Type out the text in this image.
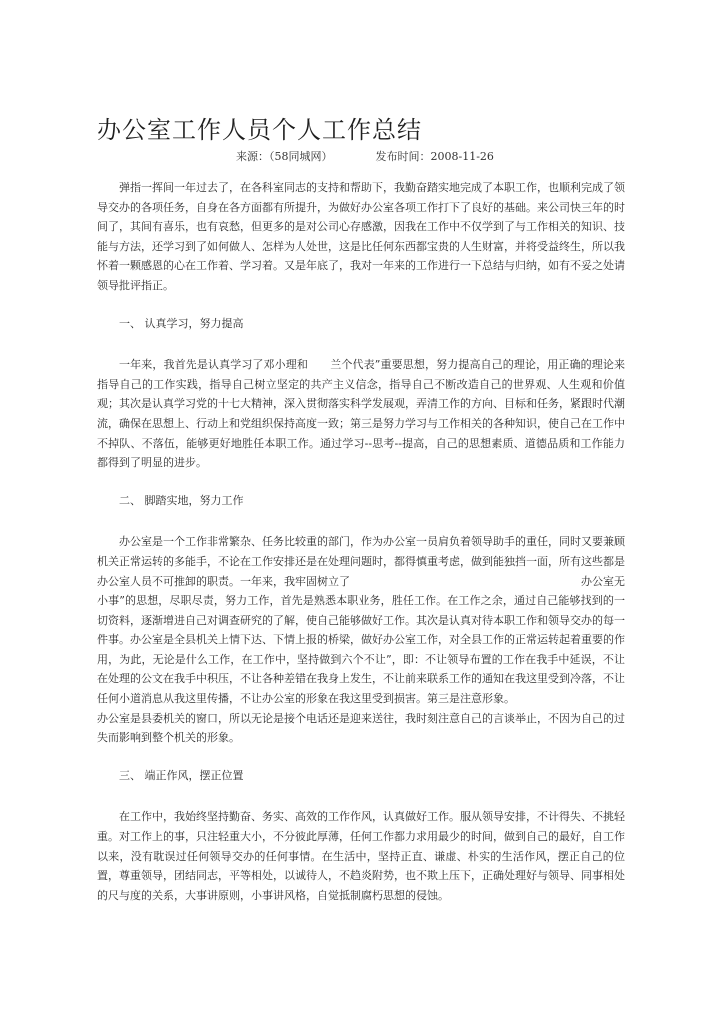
办公室工作人员个人工作总结
来源：（58同城网）	发布时间：2008-11-26

弹指一挥间一年过去了，在各科室同志的支持和帮助下，我勤奋踏实地完成了本职工作，也顺利完成了领导交办的各项任务，自身在各方面都有所提升，为做好办公室各项工作打下了良好的基础。来公司快三年的时间了，其间有喜乐，也有哀愁，但更多的是对公司心存感激，因我在工作中不仅学到了与工作相关的知识、技能与方法，还学习到了如何做人、怎样为人处世，这是比任何东西都宝贵的人生财富，并将受益终生，所以我怀着一颗感恩的心在工作着、学习着。又是年底了，我对一年来的工作进行一下总结与归纳，如有不妥之处请领导批评指正。

一、 认真学习，努力提高

一年来，我首先是认真学习了邓小理和　　兰个代表”重要思想，努力提高自己的理论，用正确的理论来指导自己的工作实践，指导自己树立坚定的共产主义信念，指导自己不断改造自己的世界观、人生观和价值观；其次是认真学习党的十七大精神，深入贯彻落实科学发展观，弄清工作的方向、目标和任务，紧跟时代潮流，确保在思想上、行动上和党组织保持高度一致；第三是努力学习与工作相关的各种知识，使自己在工作中不掉队、不落伍，能够更好地胜任本职工作。通过学习--思考--提高，自己的思想素质、道德品质和工作能力都得到了明显的进步。

二、 脚踏实地，努力工作

办公室是一个工作非常繁杂、任务比较重的部门，作为办公室一员肩负着领导助手的重任，同时又要兼顾机关正常运转的多能手，不论在工作安排还是在处理问题时，都得慎重考虑，做到能独挡一面，所有这些都是办公室人员不可推卸的职责。一年来，我牢固树立了　　　　　　　　　　　　　　　　　　　　　办公室无小事”的思想，尽职尽责，努力工作，首先是熟悉本职业务，胜任工作。在工作之余，通过自己能够找到的一切资料，逐渐增进自己对调查研究的了解，使自己能够做好工作。其次是认真对待本职工作和领导交办的每一件事。办公室是全县机关上情下达、下情上报的桥梁，做好办公室工作，对全县工作的正常运转起着重要的作用，为此，无论是什么工作，在工作中，坚持做到六个不让”，即：不让领导布置的工作在我手中延误，不让在处理的公文在我手中积压，不让各种差错在我身上发生，不让前来联系工作的通知在我这里受到冷落，不让任何小道消息从我这里传播，不让办公室的形象在我这里受到损害。第三是注意形象。

办公室是县委机关的窗口，所以无论是接个电话还是迎来送往，我时刻注意自己的言谈举止，不因为自己的过失而影响到整个机关的形象。

三、 端正作风，摆正位置

在工作中，我始终坚持勤奋、务实、高效的工作作风，认真做好工作。服从领导安排，不计得失、不挑轻重。对工作上的事，只注轻重大小，不分彼此厚薄，任何工作都力求用最少的时间，做到自己的最好，自工作以来，没有耽误过任何领导交办的任何事情。在生活中，坚持正直、谦虚、朴实的生活作风，摆正自己的位置，尊重领导，团结同志，平等相处，以诚待人，不趋炎附势，也不欺上压下，正确处理好与领导、同事相处的尺与度的关系，大事讲原则，小事讲风格，自觉抵制腐朽思想的侵蚀。
